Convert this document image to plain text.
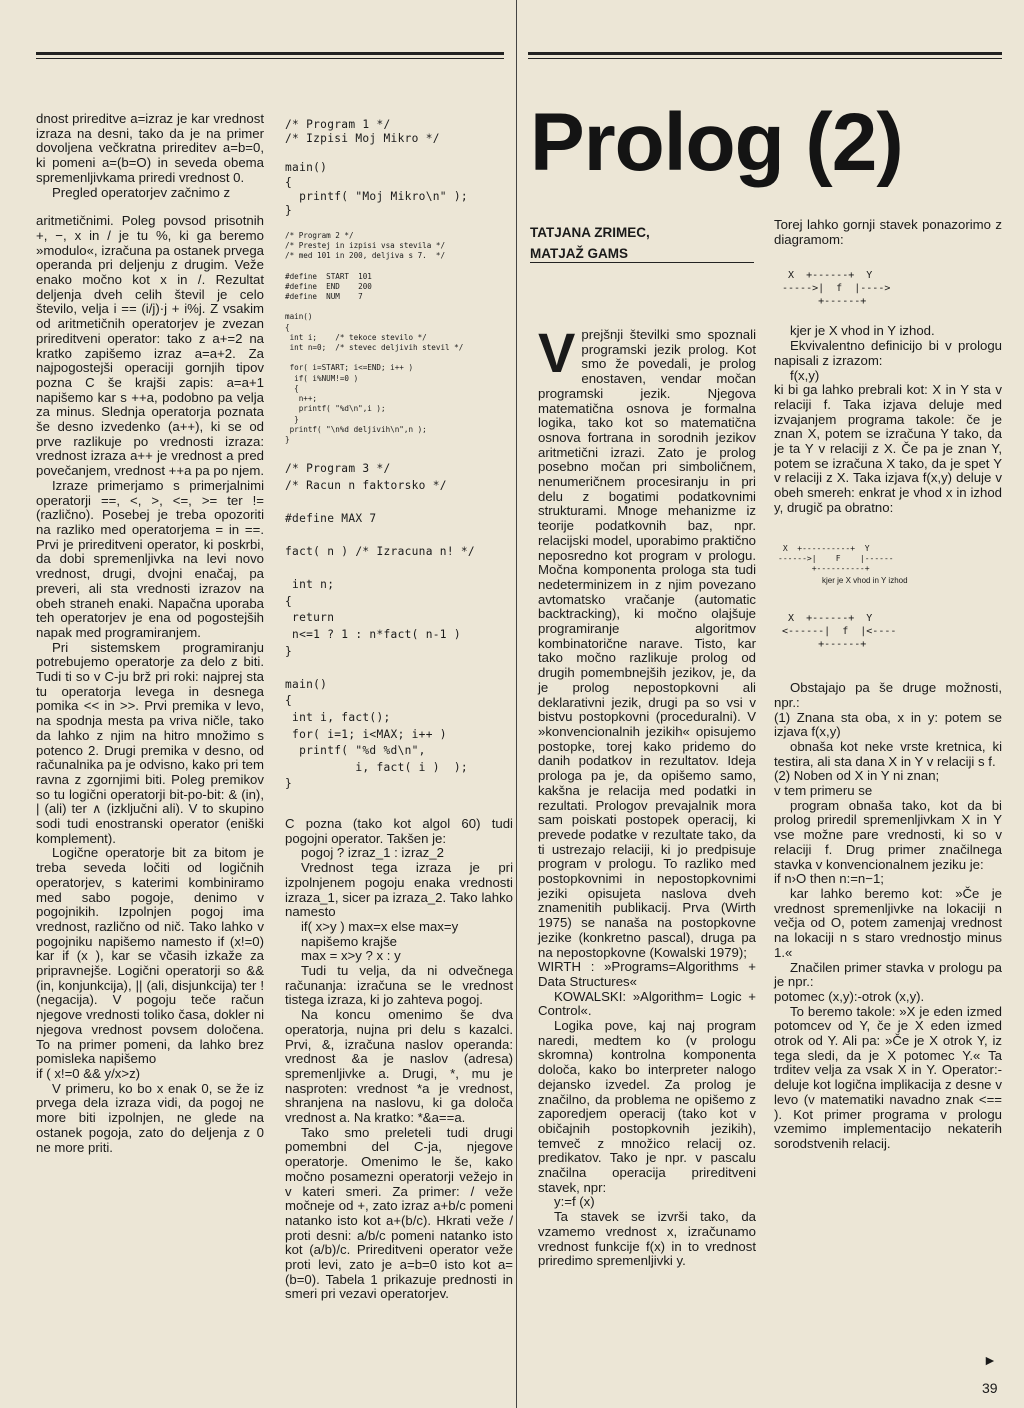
dnost prireditve a=izraz je kar vrednost izraza na desni, tako da je na primer dovoljena večkratna prireditev a=b=0, ki pomeni a=(b=O) in seveda obema spremenljivkama priredi vrednost 0.

Pregled operatorjev začnimo z

aritmetičnimi. Poleg povsod prisotnih +, −, x in / je tu %, ki ga beremo »modulo«, izračuna pa ostanek prvega operanda pri deljenju z drugim. Veže enako močno kot x in /. Rezultat deljenja dveh celih števil je celo število, velja i == (i/j)·j + i%j. Z vsakim od aritmetičnih operatorjev je zvezan prireditveni operator: tako z a+=2 na kratko zapišemo izraz a=a+2. Za najpogostejši operaciji gornjih tipov pozna C še krajši zapis: a=a+1 napišemo kar s ++a, podobno pa velja za minus. Slednja operatorja poznata še desno izvedenko (a++), ki se od prve razlikuje po vrednosti izraza: vrednost izraza a++ je vrednost a pred povečanjem, vrednost ++a pa po njem.

Izraze primerjamo s primerjalnimi operatorji ==, <, >, <=, >= ter != (različno). Posebej je treba opozoriti na razliko med operatorjema = in ==. Prvi je prireditveni operator, ki poskrbi, da dobi spremenljivka na levi novo vrednost, drugi, dvojni enačaj, pa preveri, ali sta vrednosti izrazov na obeh straneh enaki. Napačna uporaba teh operatorjev je ena od pogostejših napak med programiranjem.

Pri sistemskem programiranju potrebujemo operatorje za delo z biti. Tudi ti so v C-ju brž pri roki: najprej sta tu operatorja levega in desnega pomika << in >>. Prvi premika v levo, na spodnja mesta pa vriva ničle, tako da lahko z njim na hitro množimo s potenco 2. Drugi premika v desno, od računalnika pa je odvisno, kako pri tem ravna z zgornjimi biti. Poleg premikov so tu logični operatorji bit-po-bit: & (in), | (ali) ter ∧ (izključni ali). V to skupino sodi tudi enostranski operator (eniški komplement).

Logične operatorje bit za bitom je treba seveda ločiti od logičnih operatorjev, s katerimi kombiniramo med sabo pogoje, denimo v pogojnikih. Izpolnjen pogoj ima vrednost, različno od nič. Tako lahko v pogojniku napišemo namesto if (x!=0) kar if (x ), kar se včasih izkaže za pripravnejše. Logični operatorji so && (in, konjunkcija), || (ali, disjunkcija) ter ! (negacija). V pogoju teče račun njegove vrednosti toliko časa, dokler ni njegova vrednost povsem določena. To na primer pomeni, da lahko brez pomisleka napišemo

if ( x!=0 && y/x>z)

V primeru, ko bo x enak 0, se že iz prvega dela izraza vidi, da pogoj ne more biti izpolnjen, ne glede na ostanek pogoja, zato do deljenja z 0 ne more priti.

/* Program 1 */
/* Izpisi Moj Mikro */

main()
{
printf( "Moj Mikro\n" );
}
/* Program 2 */
/* Prestej in izpisi vsa stevila */
/* med 101 in 200, deljiva s 7.  */

#define  START  101
#define  END    200
#define  NUM    7

main()
{
int i;    /* tekoce stevilo */
int n=0;  /* stevec deljivih stevil */

for( i=START; i<=END; i++ )
if( i%NUM!=0 )
{
n++;
printf( "%d\n",i );
}
printf( "\n%d deljivih\n",n );
}
/* Program 3 */
/* Racun n faktorsko */

#define MAX 7

fact( n ) /* Izracuna n! */

int n;
{
return
n<=1 ? 1 : n*fact( n-1 )
}

main()
{
int i, fact();
for( i=1; i<MAX; i++ )
printf( "%d %d\n",
i, fact( i )  );
}

C pozna (tako kot algol 60) tudi pogojni operator. Takšen je:

pogoj ? izraz_1 : izraz_2

Vrednost tega izraza je pri izpolnjenem pogoju enaka vrednosti izraza_1, sicer pa izraza_2. Tako lahko namesto

if( x>y ) max=x else max=y

napišemo krajše

max = x>y ? x : y

Tudi tu velja, da ni odvečnega računanja: izračuna se le vrednost tistega izraza, ki jo zahteva pogoj.

Na koncu omenimo še dva operatorja, nujna pri delu s kazalci. Prvi, &, izračuna naslov operanda: vrednost &a je naslov (adresa) spremenljivke a. Drugi, *, mu je nasproten: vrednost *a je vrednost, shranjena na naslovu, ki ga določa vrednost a. Na kratko: *&a==a.

Tako smo preleteli tudi drugi pomembni del C-ja, njegove operatorje. Omenimo le še, kako močno posamezni operatorji vežejo in v kateri smeri. Za primer: / veže močneje od +, zato izraz a+b/c pomeni natanko isto kot a+(b/c). Hkrati veže / proti desni: a/b/c pomeni natanko isto kot (a/b)/c. Prireditveni operator veže proti levi, zato je a=b=0 isto kot a=(b=0). Tabela 1 prikazuje prednosti in smeri pri vezavi operatorjev.

Prolog (2)
TATJANA ZRIMEC,
MATJAŽ GAMS

Vprejšnji številki smo spoznali programski jezik prolog. Kot smo že povedali, je prolog enostaven, vendar močan programski jezik. Njegova matematična osnova je formalna logika, tako kot so matematična osnova fortrana in sorodnih jezikov aritmetični izrazi. Zato je prolog posebno močan pri simboličnem, nenumeričnem procesiranju in pri delu z bogatimi podatkovnimi strukturami. Mnoge mehanizme iz teorije podatkovnih baz, npr. relacijski model, uporabimo praktično neposredno kot program v prologu. Močna komponenta prologa sta tudi nedeterminizem in z njim povezano avtomatsko vračanje (automatic backtracking), ki močno olajšuje programiranje algoritmov kombinatorične narave. Tisto, kar tako močno razlikuje prolog od drugih pomembnejših jezikov, je, da je prolog nepostopkovni ali deklarativni jezik, drugi pa so vsi v bistvu postopkovni (proceduralni). V »konvencionalnih jezikih« opisujemo postopke, torej kako pridemo do danih podatkov in rezultatov. Ideja prologa pa je, da opišemo samo, kakšna je relacija med podatki in rezultati. Prologov prevajalnik mora sam poiskati postopek operacij, ki prevede podatke v rezultate tako, da ti ustrezajo relaciji, ki jo predpisuje program v prologu. To razliko med postopkovnimi in nepostopkovnimi jeziki opisujeta naslova dveh znamenitih publikacij. Prva (Wirth 1975) se nanaša na postopkovne jezike (konkretno pascal), druga pa na nepostopkovne (Kowalski 1979);

WIRTH : »Programs=Algorithms + Data Structures«

KOWALSKI: »Algorithm= Logic + Control«.

Logika pove, kaj naj program naredi, medtem ko (v prologu skromna) kontrolna komponenta določa, kako bo interpreter nalogo dejansko izvedel. Za prolog je značilno, da problema ne opišemo z zaporedjem operacij (tako kot v običajnih postopkovnih jezikih), temveč z množico relacij oz. predikatov. Tako je npr. v pascalu značilna operacija prireditveni stavek, npr:

y:=f (x)

Ta stavek se izvrši tako, da vzamemo vrednost x, izračunamo vrednost funkcije f(x) in to vrednost priredimo spremenljivki y.

Torej lahko gornji stavek ponazorimo z diagramom:

X  +------+  Y
----->|  f  |---->
+------+

kjer je X vhod in Y izhod.

Ekvivalentno definicijo bi v prologu napisali z izrazom:

f(x,y)

ki bi ga lahko prebrali kot: X in Y sta v relaciji f. Taka izjava deluje med izvajanjem programa takole: če je znan X, potem se izračuna Y tako, da je ta Y v relaciji z X. Če pa je znan Y, potem se izračuna X tako, da je spet Y v relaciji z X. Taka izjava f(x,y) deluje v obeh smereh: enkrat je vhod x in izhod y, drugič pa obratno:

X  +----------+  Y
------>|    F    |------
+----------+

kjer je X vhod in Y izhod

X  +------+  Y
<------|  f  |<----
+------+

Obstajajo pa še druge možnosti, npr.:

(1) Znana sta oba, x in y: potem se izjava f(x,y)

obnaša kot neke vrste kretnica, ki testira, ali sta dana X in Y v relaciji s f.

(2) Noben od X in Y ni znan;

v tem primeru se

program obnaša tako, kot da bi prolog priredil spremenljivkam X in Y vse možne pare vrednosti, ki so v relaciji f. Drug primer značilnega stavka v konvencionalnem jeziku je:

if n›O then n:=n−1;

kar lahko beremo kot: »Če je vrednost spremenljivke na lokaciji n večja od O, potem zamenjaj vrednost na lokaciji n s staro vrednostjo minus 1.«

Značilen primer stavka v prologu pa je npr.:

potomec (x,y):-otrok (x,y).

To beremo takole: »X je eden izmed potomcev od Y, če je X eden izmed otrok od Y. Ali pa: »Če je X otrok Y, iz tega sledi, da je X potomec Y.« Ta trditev velja za vsak X in Y. Operator:- deluje kot logična implikacija z desne v levo (v matematiki navadno znak <== ). Kot primer programa v prologu vzemimo implementacijo nekaterih sorodstvenih relacij.

►
39
